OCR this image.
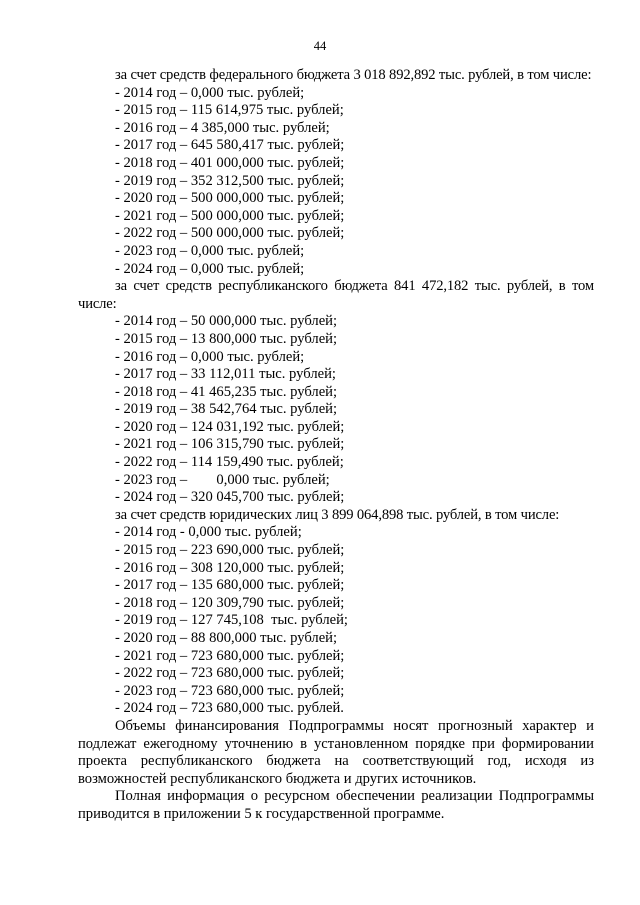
44

за счет средств федерального бюджета 3 018 892,892 тыс. рублей, в том числе:

- 2014 год – 0,000 тыс. рублей;
- 2015 год – 115 614,975 тыс. рублей;
- 2016 год – 4 385,000 тыс. рублей;
- 2017 год – 645 580,417 тыс. рублей;
- 2018 год – 401 000,000 тыс. рублей;
- 2019 год – 352 312,500 тыс. рублей;
- 2020 год – 500 000,000 тыс. рублей;
- 2021 год – 500 000,000 тыс. рублей;
- 2022 год – 500 000,000 тыс. рублей;
- 2023 год – 0,000 тыс. рублей;
- 2024 год – 0,000 тыс. рублей;

за счет средств республиканского бюджета 841 472,182 тыс. рублей, в том числе:

- 2014 год – 50 000,000 тыс. рублей;
- 2015 год – 13 800,000 тыс. рублей;
- 2016 год – 0,000 тыс. рублей;
- 2017 год – 33 112,011 тыс. рублей;
- 2018 год – 41 465,235 тыс. рублей;
- 2019 год – 38 542,764 тыс. рублей;
- 2020 год – 124 031,192 тыс. рублей;
- 2021 год – 106 315,790 тыс. рублей;
- 2022 год – 114 159,490 тыс. рублей;
- 2023 год –        0,000 тыс. рублей;
- 2024 год – 320 045,700 тыс. рублей;

за счет средств юридических лиц 3 899 064,898 тыс. рублей, в том числе:

- 2014 год - 0,000 тыс. рублей;
- 2015 год – 223 690,000 тыс. рублей;
- 2016 год – 308 120,000 тыс. рублей;
- 2017 год – 135 680,000 тыс. рублей;
- 2018 год – 120 309,790 тыс. рублей;
- 2019 год – 127 745,108  тыс. рублей;
- 2020 год – 88 800,000 тыс. рублей;
- 2021 год – 723 680,000 тыс. рублей;
- 2022 год – 723 680,000 тыс. рублей;
- 2023 год – 723 680,000 тыс. рублей;
- 2024 год – 723 680,000 тыс. рублей.

Объемы финансирования Подпрограммы носят прогнозный характер и подлежат ежегодному уточнению в установленном порядке при формировании проекта республиканского бюджета на соответствующий год, исходя из возможностей республиканского бюджета и других источников.

Полная информация о ресурсном обеспечении реализации Подпрограммы приводится в приложении 5 к государственной программе.
